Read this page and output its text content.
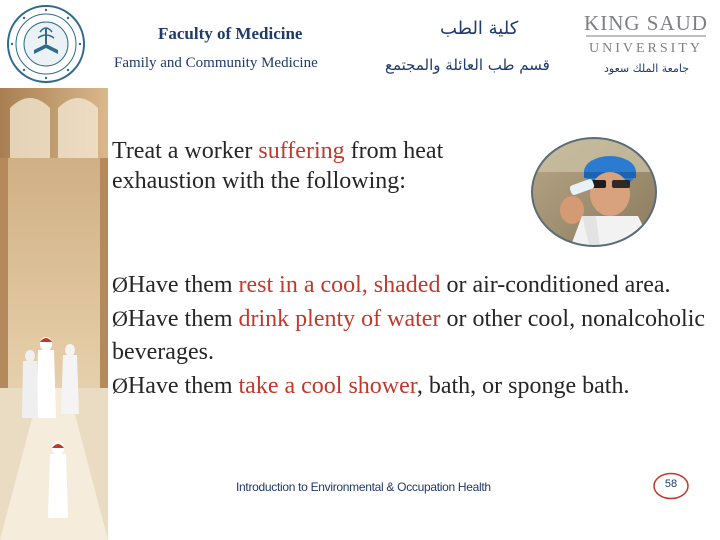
Faculty of Medicine
Family and Community Medicine
كلية الطب
قسم طب العائلة والمجتمع
KING SAUD
UNIVERSITY
جامعة الملك سعود
Treat a worker suffering from heat exhaustion with the following:
ØHave them rest in a cool, shaded or air-conditioned area.
ØHave them drink plenty of water or other cool, nonalcoholic beverages.
ØHave them take a cool shower, bath, or sponge bath.
Introduction to Environmental & Occupation Health	58
